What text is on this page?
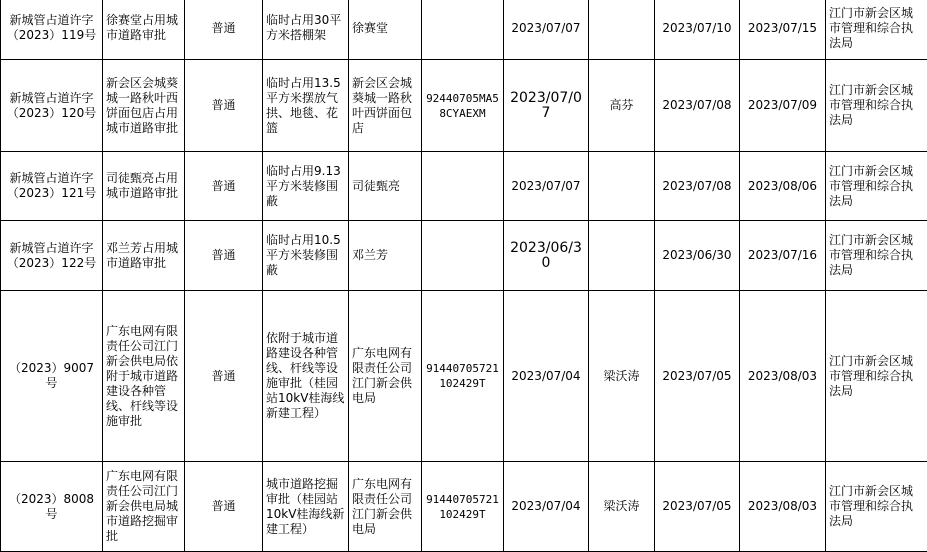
新城管占道许字（2023）119号	徐赛堂占用城市道路审批	普通	临时占用30平方米搭棚架	徐赛堂		2023/07/07		2023/07/10	2023/07/15	江门市新会区城市管理和综合执法局
新城管占道许字（2023）120号	新会区会城葵城一路秋叶西饼面包店占用城市道路审批	普通	临时占用13.5平方米摆放气拱、地毯、花篮	新会区会城葵城一路秋叶西饼面包店	92440705MA58CYAEXM	2023/07/07	高芬	2023/07/08	2023/07/09	江门市新会区城市管理和综合执法局
新城管占道许字（2023）121号	司徒甄亮占用城市道路审批	普通	临时占用9.13平方米装修围蔽	司徒甄亮		2023/07/07		2023/07/08	2023/08/06	江门市新会区城市管理和综合执法局
新城管占道许字（2023）122号	邓兰芳占用城市道路审批	普通	临时占用10.5平方米装修围蔽	邓兰芳		2023/06/30		2023/06/30	2023/07/16	江门市新会区城市管理和综合执法局
（2023）9007号	广东电网有限责任公司江门新会供电局依附于城市道路建设各种管线、杆线等设施审批	普通	依附于城市道路建设各种管线、杆线等设施审批（桂园站10kV桂海线新建工程）	广东电网有限责任公司江门新会供电局	91440705721102429T	2023/07/04	梁沃涛	2023/07/05	2023/08/03	江门市新会区城市管理和综合执法局
（2023）8008号	广东电网有限责任公司江门新会供电局城市道路挖掘审批	普通	城市道路挖掘审批（桂园站10kV桂海线新建工程）	广东电网有限责任公司江门新会供电局	91440705721102429T	2023/07/04	梁沃涛	2023/07/05	2023/08/03	江门市新会区城市管理和综合执法局
